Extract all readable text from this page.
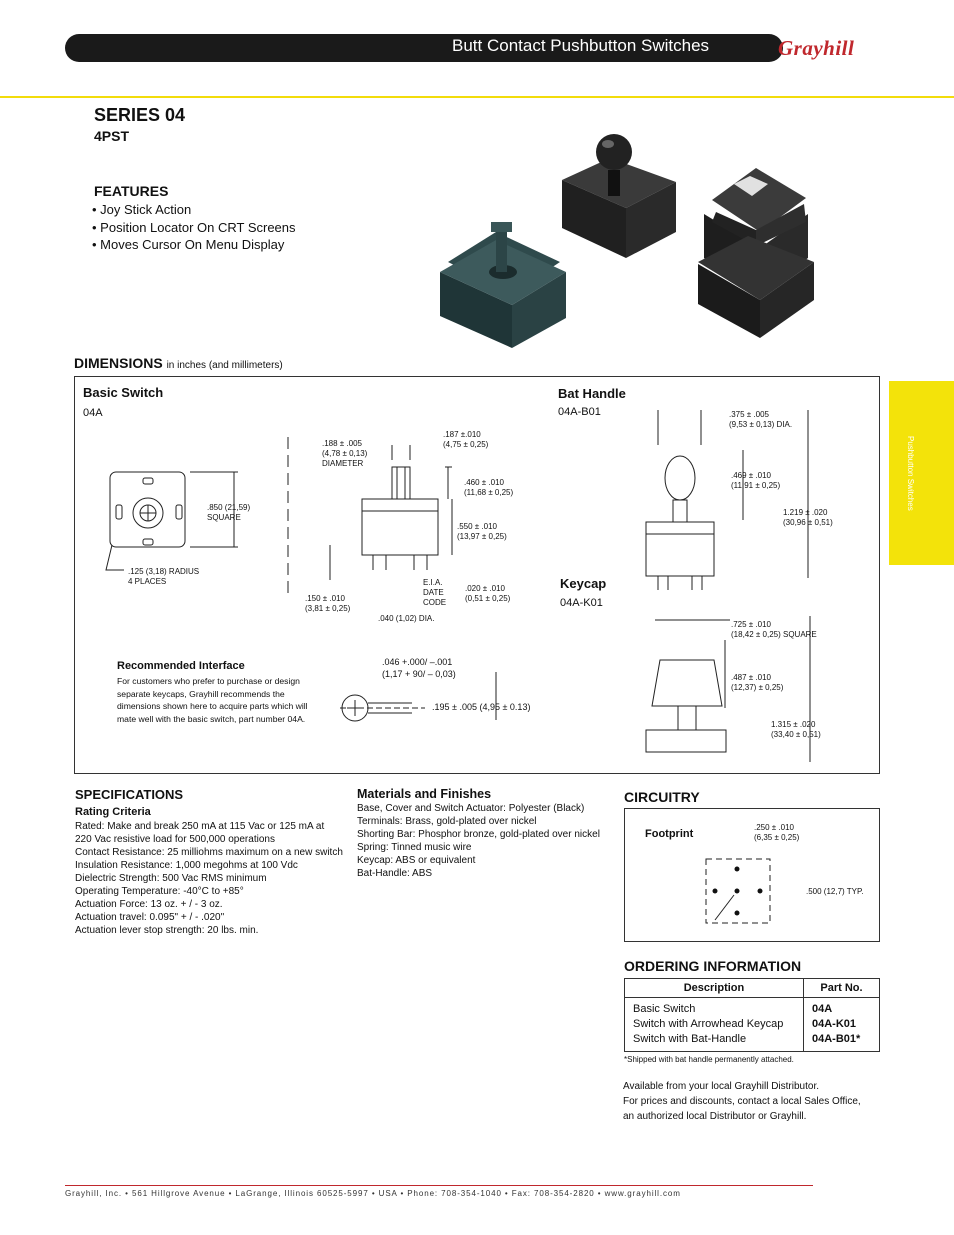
Butt Contact Pushbutton Switches	Grayhill
SERIES 04
4PST
FEATURES
• Joy Stick Action
• Position Locator On CRT Screens
• Moves Cursor On Menu Display
DIMENSIONS in inches (and millimeters)
Pushbutton Switches
Basic Switch
04A
.188 ± .005
(4,78 ± 0,13)
DIAMETER
.187 ±.010
(4,75 ± 0,25)
.460 ± .010
(11,68 ± 0,25)
.850 (21,59)
SQUARE
.550 ± .010
(13,97 ± 0,25)
.125 (3,18) RADIUS
4 PLACES	E.I.A.
DATE
CODE
.020 ± .010
(0,51 ± 0,25)
.150 ± .010
(3,81 ± 0,25)
.040 (1,02) DIA.
Recommended Interface
For customers who prefer to purchase or design
separate keycaps, Grayhill recommends the
dimensions shown here to acquire parts which will
mate well with the basic switch, part number 04A.
.046 +.000/ –.001
(1,17 + 90/ – 0,03)
.195 ± .005 (4,95 ± 0.13)
Bat Handle
04A-B01	.375 ± .005
(9,53 ± 0,13) DIA.
.469 ± .010
(11,91 ± 0,25)
1.219 ± .020
(30,96 ± 0,51)
Keycap
04A-K01
.725 ± .010
(18,42 ± 0,25) SQUARE
.487 ± .010
(12,37) ± 0,25)
1.315 ± .020
(33,40 ± 0,51)
SPECIFICATIONS
Rating Criteria
Rated: Make and break 250 mA at 115 Vac or 125 mA at
220 Vac resistive load for 500,000 operations
Contact Resistance: 25 milliohms maximum on a new switch
Insulation Resistance: 1,000 megohms at 100 Vdc
Dielectric Strength: 500 Vac RMS minimum
Operating Temperature: -40°C to +85°
Actuation Force: 13 oz. + / - 3 oz.
Actuation travel: 0.095" + / - .020"
Actuation lever stop strength: 20 lbs. min.
Materials and Finishes
Base, Cover and Switch Actuator: Polyester (Black)
Terminals: Brass, gold-plated over nickel
Shorting Bar: Phosphor bronze, gold-plated over nickel
Spring: Tinned music wire
Keycap: ABS or equivalent
Bat-Handle: ABS
CIRCUITRY
Footprint
.250 ± .010
(6,35 ± 0,25)
.500 (12,7) TYP.
ORDERING INFORMATION
Description	Part No.
Basic Switch	04A
Switch with Arrowhead Keycap	04A-K01
Switch with Bat-Handle	04A-B01*
*Shipped with bat handle permanently attached.
Available from your local Grayhill Distributor.
For prices and discounts, contact a local Sales Office,
an authorized local Distributor or Grayhill.
Grayhill, Inc. • 561 Hillgrove Avenue • LaGrange, Illinois 60525-5997 • USA • Phone: 708-354-1040 • Fax: 708-354-2820 • www.grayhill.com
